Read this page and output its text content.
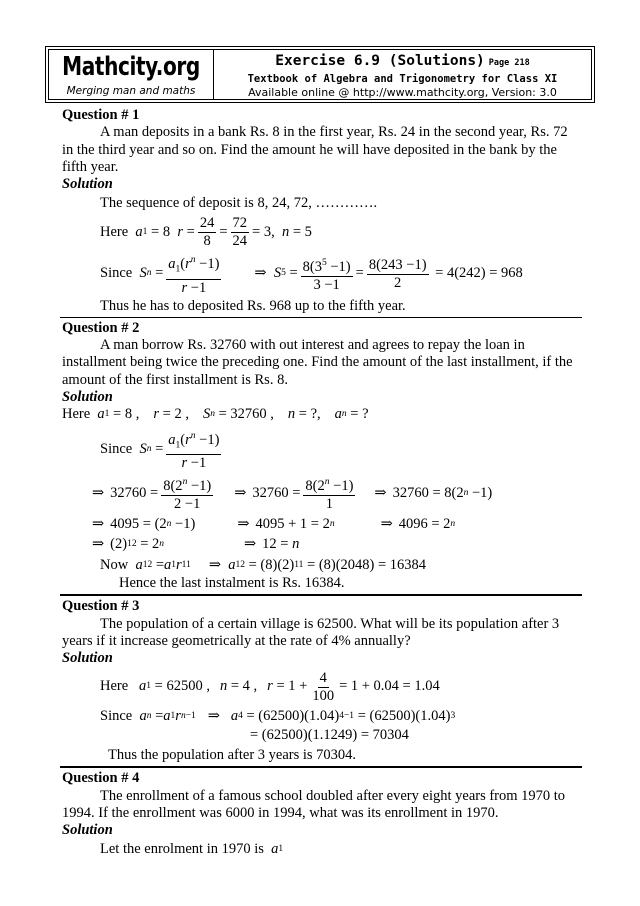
Mathcity.org
Merging man and maths
Exercise 6.9 (Solutions) Page 218
Textbook of Algebra and Trigonometry for Class XI
Available online @ http://www.mathcity.org, Version: 3.0

Question # 1

A man deposits in a bank Rs. 8 in the first year, Rs. 24 in the second year, Rs. 72 in the third year and so on. Find the amount he will have deposited in the bank by the fifth year.

Solution

The sequence of deposit is 8, 24, 72, ………….

Here a 1 = 8 $r = \frac{24}{8} = \frac{72}{24} = 3$, n = 5
Since S $n = \frac{a_1(r^n -1)}{r -1}$ ⇒ S $5 = \frac{8(3^5 -1)}{3 -1} = \frac{8(243 -1)}{2} = 4(242) = 968$

Thus he has to deposited Rs. 968 up to the fifth year.

Question # 2

A man borrow Rs. 32760 with out interest and agrees to repay the loan in installment being twice the preceding one. Find the amount of the last installment, if the amount of the first installment is Rs. 8.

Solution

Here a 1 = 8 , r = 2 , S n = 32760 , n = ?, a n = ?
Since S $n = \frac{a_1(r^n -1)}{r -1}$
⇒ $32760 = \frac{8(2^n -1)}{2 -1}$ ⇒ $32760 = \frac{8(2^n -1)}{1}$ ⇒ 32760 = 8(2 n −1)
⇒ 4095 = (2 n −1)	⇒ 4095 + 1 = 2 n	⇒ 4096 = 2 n
⇒ (2) 12 = 2 n	⇒ 12 = n
Now a 12 = a 1 r 11 ⇒ a 12 = (8)(2) 11 = (8)(2048) = 16384

Hence the last instalment is Rs. 16384.

Question # 3

The population of a certain village is 62500. What will be its population after 3 years if it increase geometrically at the rate of 4% annually?

Solution

Here a 1 = 62500 , n = 4 , $r = 1 + \frac{4}{100} = 1 + 0.04 = 1.04$
Since a n = a 1 r n−1 ⇒ a 4 = (62500)(1.04) 4−1 = (62500)(1.04) 3
= (62500)(1.1249) = 70304

Thus the population after 3 years is 70304.

Question # 4

The enrollment of a famous school doubled after every eight years from 1970 to 1994. If the enrollment was 6000 in 1994, what was its enrollment in 1970.

Solution

Let the enrolment in 1970 is
a 1
